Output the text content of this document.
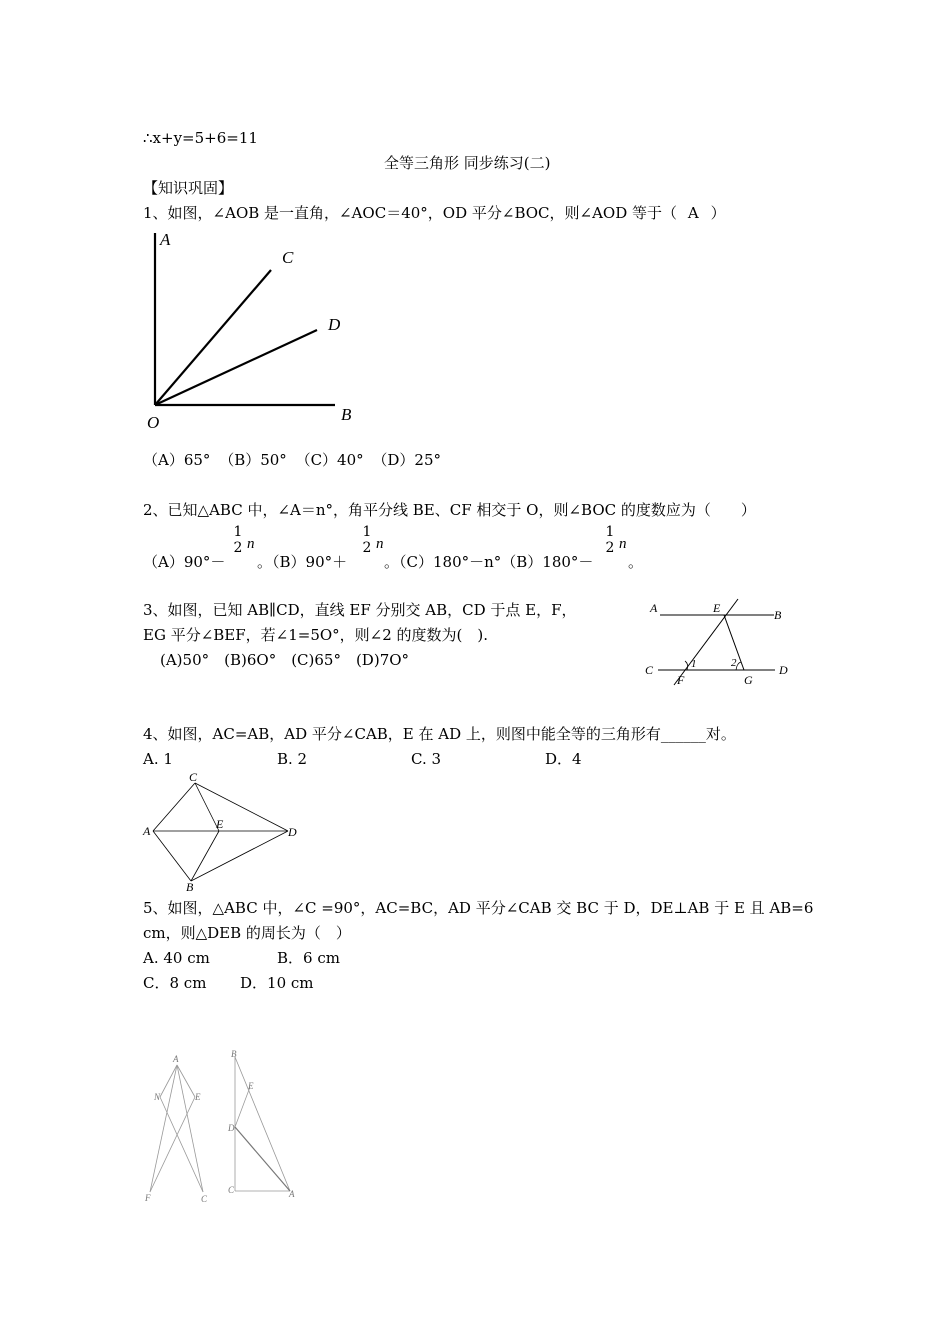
∴x+y=5+6=11
全等三角形 同步练习(二)
【知识巩固】
1、如图，∠AOB 是一直角，∠AOC＝40°，OD 平分∠BOC，则∠AOD 等于（ A ）
A
C
D
O	B
（A）65° （B）50° （C）40° （D）25°
2、已知△ABC 中，∠A＝n°，角平分线 BE、CF 相交于 O，则∠BOC 的度数应为（　　）
（A）90°－
1
2 n
。（B）90°＋
1
2 n
。（C）180°－n°（B）180°－
1
2 n
。
3、如图，已知 AB∥CD，直线 EF 分别交 AB，CD 于点 E，F，
EG 平分∠BEF，若∠1=5O°，则∠2 的度数为(　).
(A)50°　(B)6O°　(C)65°　(D)7O°
A	E	B
C	1	2
F	G
D
4、如图，AC=AB，AD 平分∠CAB，E 在 AD 上，则图中能全等的三角形有______对。
A. 1	B. 2	C. 3	D．4
C
A	E
D
B
5、如图，△ABC 中，∠C =90°，AC=BC，AD 平分∠CAB 交 BC 于 D，DE⊥AB 于 E 且 AB=6
cm，则△DEB 的周长为（　）
A. 40 cm	B．6 cm
C．8 cm D．10 cm
A
N	E
F	C
B
E
D
C	A
